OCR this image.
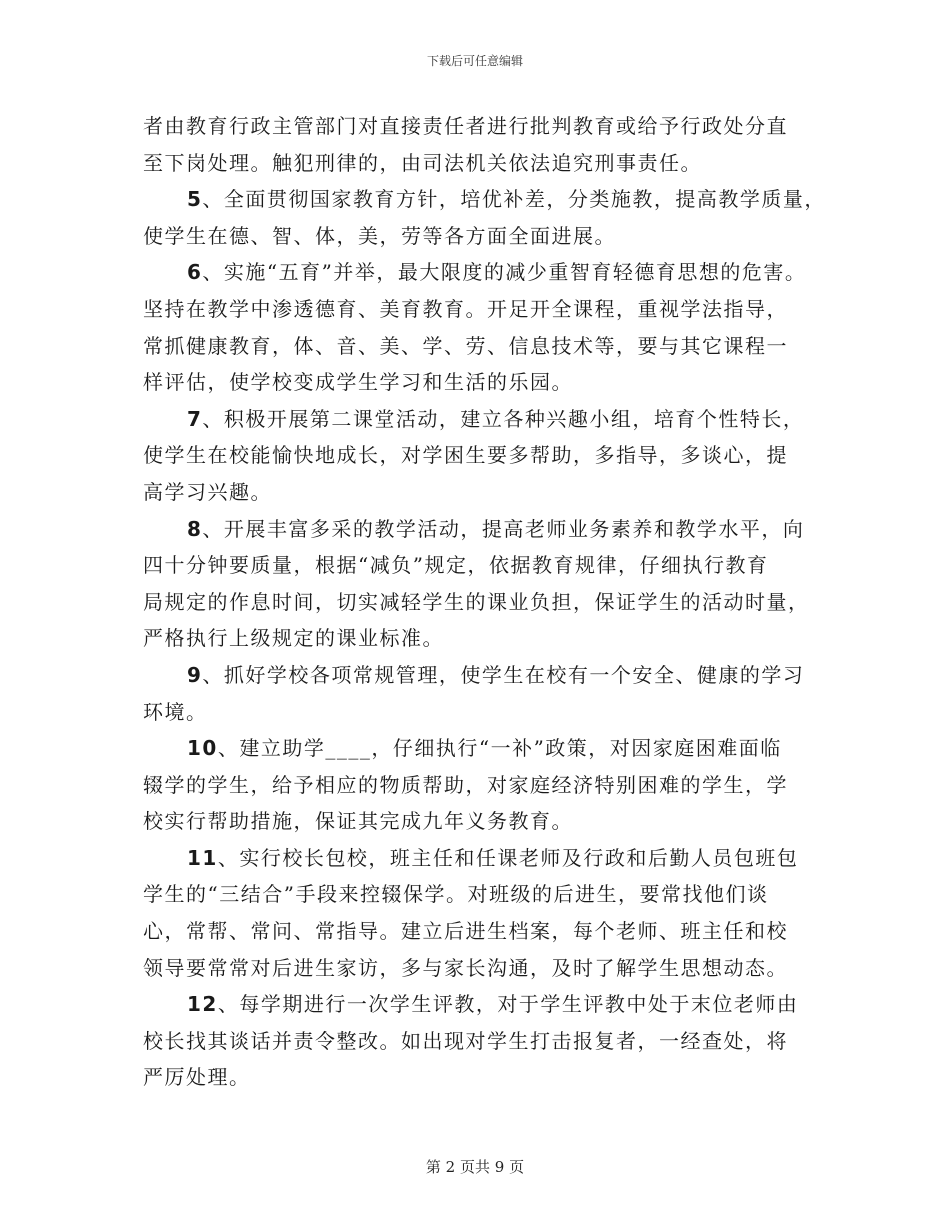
下载后可任意编辑
者由教育行政主管部门对直接责任者进行批判教育或给予行政处分直
至下岗处理。触犯刑律的，由司法机关依法追究刑事责任。
5、全面贯彻国家教育方针，培优补差，分类施教，提高教学质量，
使学生在德、智、体，美，劳等各方面全面进展。
6、实施“五育”并举，最大限度的减少重智育轻德育思想的危害。
坚持在教学中渗透德育、美育教育。开足开全课程，重视学法指导，
常抓健康教育，体、音、美、学、劳、信息技术等，要与其它课程一
样评估，使学校变成学生学习和生活的乐园。
7、积极开展第二课堂活动，建立各种兴趣小组，培育个性特长，
使学生在校能愉快地成长，对学困生要多帮助，多指导，多谈心，提
高学习兴趣。
8、开展丰富多采的教学活动，提高老师业务素养和教学水平，向
四十分钟要质量，根据“减负”规定，依据教育规律，仔细执行教育
局规定的作息时间，切实减轻学生的课业负担，保证学生的活动时量，
严格执行上级规定的课业标准。
9、抓好学校各项常规管理，使学生在校有一个安全、健康的学习
环境。
10、建立助学____，仔细执行“一补”政策，对因家庭困难面临
辍学的学生，给予相应的物质帮助，对家庭经济特别困难的学生，学
校实行帮助措施，保证其完成九年义务教育。
11、实行校长包校，班主任和任课老师及行政和后勤人员包班包
学生的“三结合”手段来控辍保学。对班级的后进生，要常找他们谈
心，常帮、常问、常指导。建立后进生档案，每个老师、班主任和校
领导要常常对后进生家访，多与家长沟通，及时了解学生思想动态。
12、每学期进行一次学生评教，对于学生评教中处于末位老师由
校长找其谈话并责令整改。如出现对学生打击报复者，一经查处，将
严厉处理。
第 2 页共 9 页
